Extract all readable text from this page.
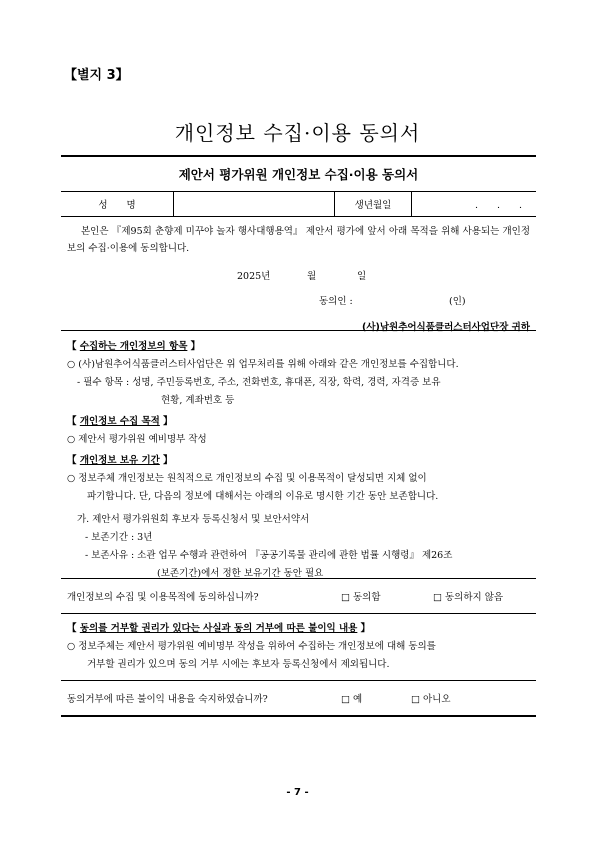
【별지 3】
개인정보 수집·이용 동의서
제안서 평가위원 개인정보 수집·이용 동의서
성　　명	생년월일	.　　.　　.

본인은 『제95회 춘향제 미꾸야 놀자 행사대행용역』 제안서 평가에 앞서 아래 목적을 위해 사용되는 개인정보의 수집·이용에 동의합니다.

2025년	월	일
동의인 :	(인)
(사)남원추어식품클러스터사업단장 귀하
【 수집하는 개인정보의 항목 】
○ (사)남원추어식품클러스터사업단은 위 업무처리를 위해 아래와 같은 개인정보를 수집합니다.
- 필수 항목 : 성명, 주민등록번호, 주소, 전화번호, 휴대폰, 직장, 학력, 경력, 자격증 보유
현황, 계좌번호 등
【 개인정보 수집 목적 】
○ 제안서 평가위원 예비명부 작성
【 개인정보 보유 기간 】
○ 정보주체 개인정보는 원칙적으로 개인정보의 수집 및 이용목적이 달성되면 지체 없이
파기합니다. 단, 다음의 정보에 대해서는 아래의 이유로 명시한 기간 동안 보존합니다.
가. 제안서 평가위원회 후보자 등록신청서 및 보안서약서
- 보존기간 : 3년
- 보존사유 : 소관 업무 수행과 관련하여 『공공기록물 관리에 관한 법률 시행령』 제26조
(보존기간)에서 정한 보유기간 동안 필요
개인정보의 수집 및 이용목적에 동의하십니까?	□ 동의함	□ 동의하지 않음
【 동의를 거부할 권리가 있다는 사실과 동의 거부에 따른 불이익 내용 】
○ 정보주체는 제안서 평가위원 예비명부 작성을 위하여 수집하는 개인정보에 대해 동의를
거부할 권리가 있으며 동의 거부 시에는 후보자 등록신청에서 제외됩니다.
동의거부에 따른 불이익 내용을 숙지하였습니까?	□ 예	□ 아니오
- 7 -
